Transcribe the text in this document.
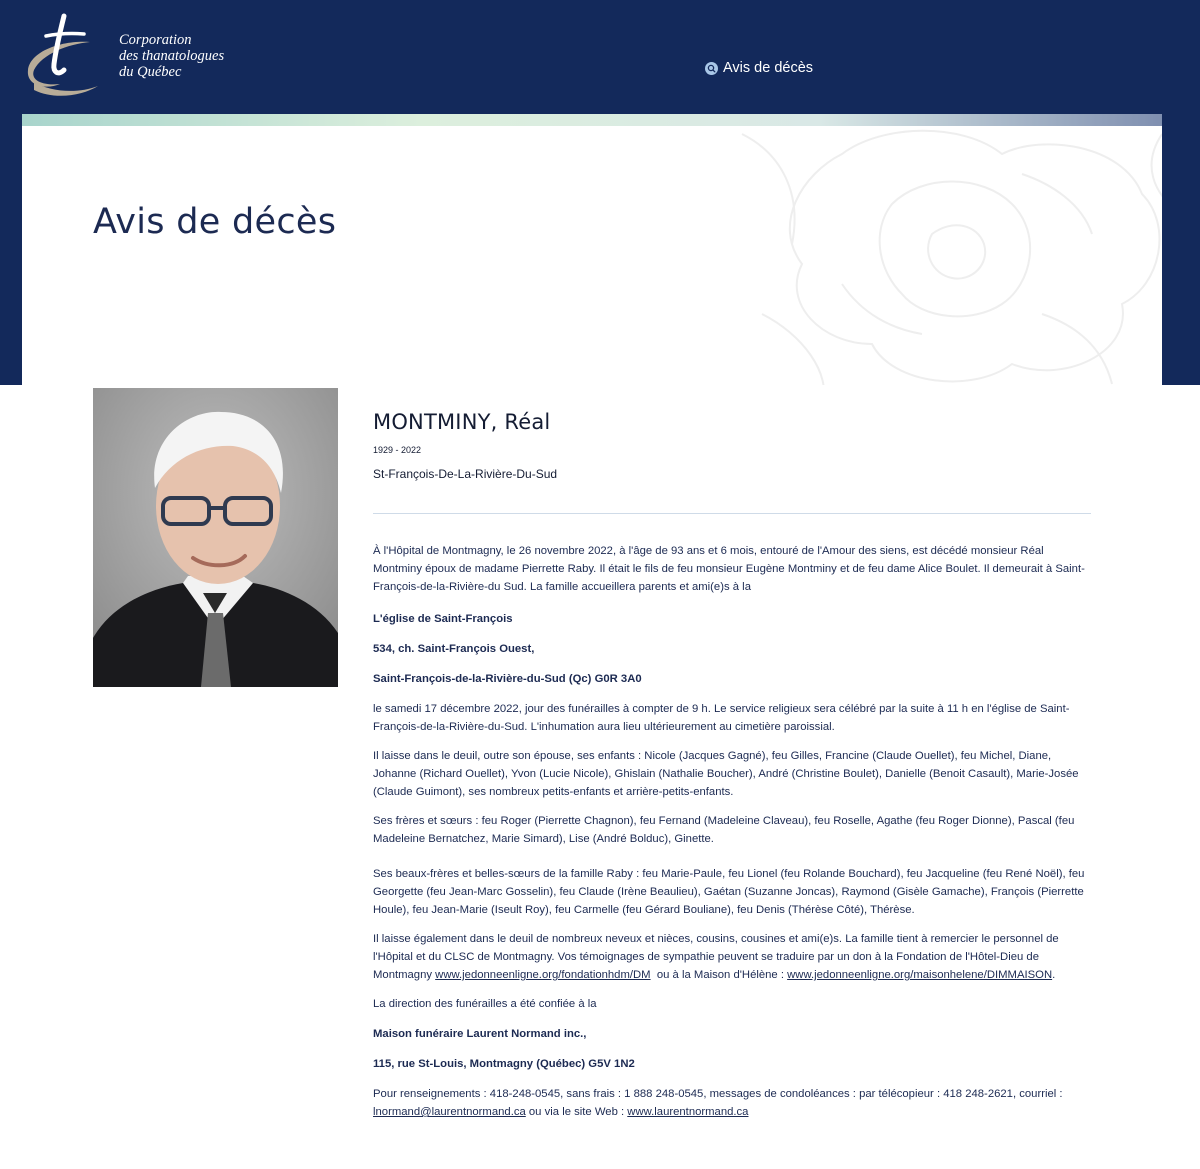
Corporation
des thanatologues
du Québec	Avis de décès
Avis de décès
MONTMINY, Réal
1929 - 2022
St-François-De-La-Rivière-Du-Sud

À l'Hôpital de Montmagny, le 26 novembre 2022, à l'âge de 93 ans et 6 mois, entouré de l'Amour des siens, est décédé monsieur Réal Montminy époux de madame Pierrette Raby. Il était le fils de feu monsieur Eugène Montminy et de feu dame Alice Boulet. Il demeurait à Saint-François-de-la-Rivière-du Sud. La famille accueillera parents et ami(e)s à la

L'église de Saint-François

534, ch. Saint-François Ouest,

Saint-François-de-la-Rivière-du-Sud (Qc) G0R 3A0

le samedi 17 décembre 2022, jour des funérailles à compter de 9 h. Le service religieux sera célébré par la suite à 11 h en l'église de Saint-François-de-la-Rivière-du-Sud. L'inhumation aura lieu ultérieurement au cimetière paroissial.

Il laisse dans le deuil, outre son épouse, ses enfants : Nicole (Jacques Gagné), feu Gilles, Francine (Claude Ouellet), feu Michel, Diane, Johanne (Richard Ouellet), Yvon (Lucie Nicole), Ghislain (Nathalie Boucher), André (Christine Boulet), Danielle (Benoit Casault), Marie-Josée (Claude Guimont), ses nombreux petits-enfants et arrière-petits-enfants.

Ses frères et sœurs : feu Roger (Pierrette Chagnon), feu Fernand (Madeleine Claveau), feu Roselle, Agathe (feu Roger Dionne), Pascal (feu Madeleine Bernatchez, Marie Simard), Lise (André Bolduc), Ginette.

Ses beaux-frères et belles-sœurs de la famille Raby : feu Marie-Paule, feu Lionel (feu Rolande Bouchard), feu Jacqueline (feu René Noël), feu Georgette (feu Jean-Marc Gosselin), feu Claude (Irène Beaulieu), Gaétan (Suzanne Joncas), Raymond (Gisèle Gamache), François (Pierrette Houle), feu Jean-Marie (Iseult Roy), feu Carmelle (feu Gérard Bouliane), feu Denis (Thérèse Côté), Thérèse.

Il laisse également dans le deuil de nombreux neveux et nièces, cousins, cousines et ami(e)s. La famille tient à remercier le personnel de l'Hôpital et du CLSC de Montmagny. Vos témoignages de sympathie peuvent se traduire par un don à la Fondation de l'Hôtel-Dieu de Montmagny www.jedonneenligne.org/fondationhdm/DM  ou à la Maison d'Hélène : www.jedonneenligne.org/maisonhelene/DIMMAISON.

La direction des funérailles a été confiée à la

Maison funéraire Laurent Normand inc.,

115, rue St-Louis, Montmagny (Québec) G5V 1N2

Pour renseignements : 418-248-0545, sans frais : 1 888 248-0545, messages de condoléances : par télécopieur : 418 248-2621, courriel : lnormand@laurentnormand.ca ou via le site Web : www.laurentnormand.ca
